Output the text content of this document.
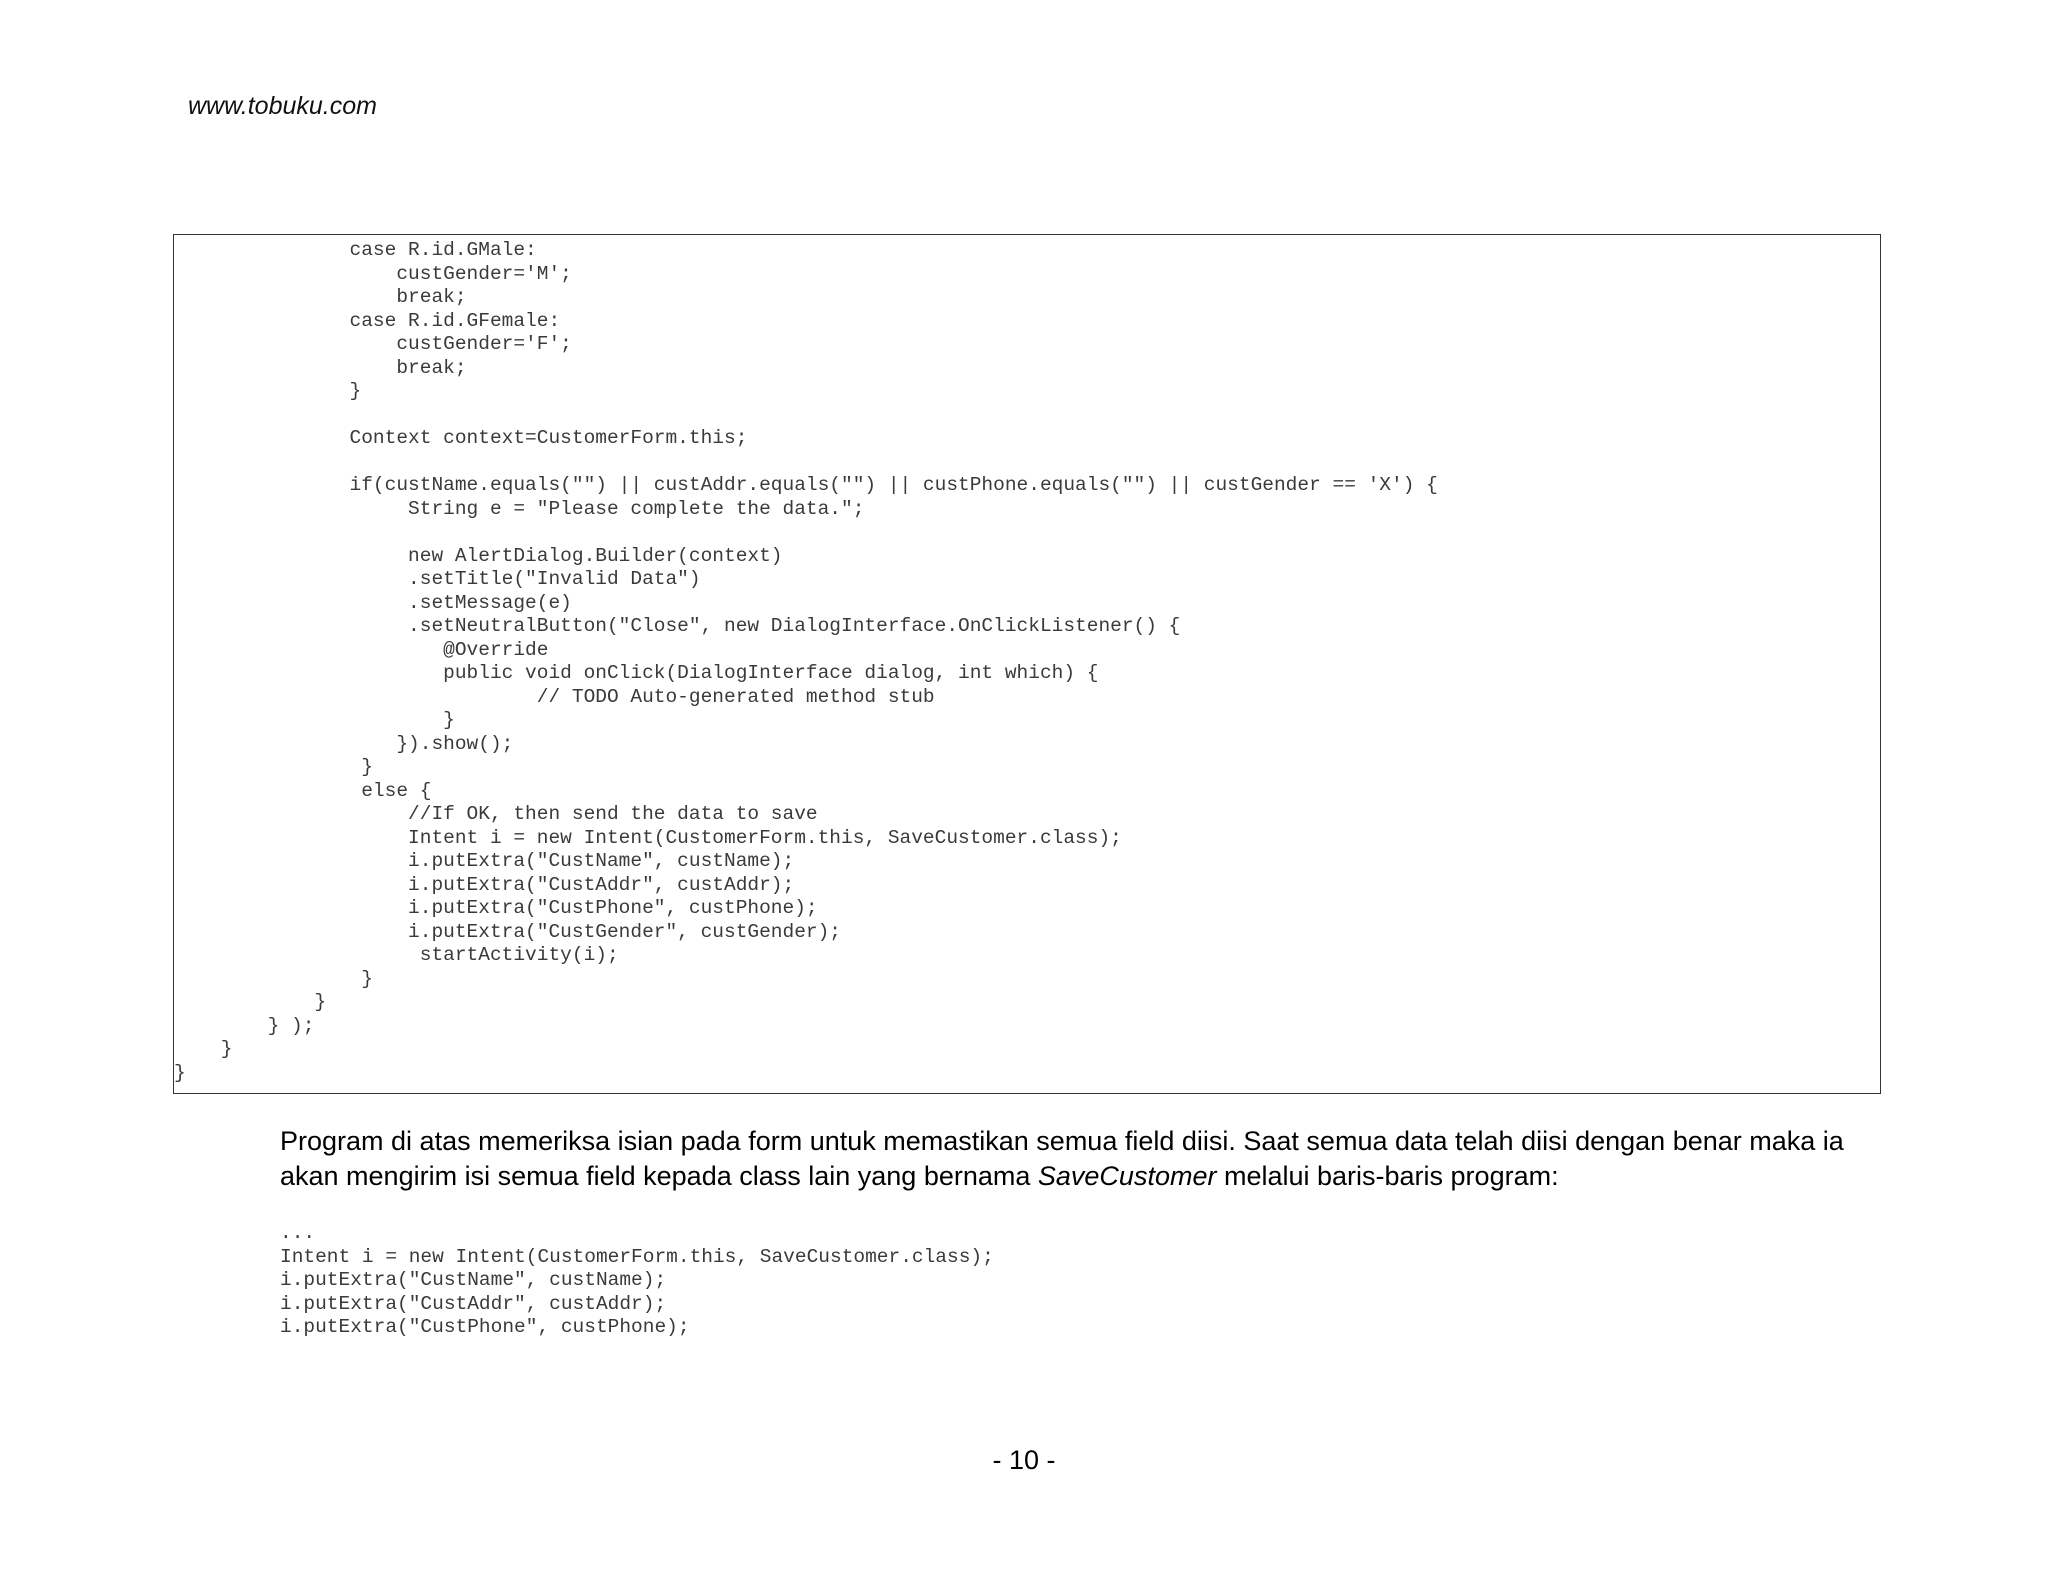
www.tobuku.com
case R.id.GMale:
custGender='M';
break;
case R.id.GFemale:
custGender='F';
break;
}
Context context=CustomerForm.this;
if(custName.equals("") || custAddr.equals("") || custPhone.equals("") || custGender == 'X') {
String e = "Please complete the data.";
new AlertDialog.Builder(context)
.setTitle("Invalid Data")
.setMessage(e)
.setNeutralButton("Close", new DialogInterface.OnClickListener() {
@Override
public void onClick(DialogInterface dialog, int which) {
// TODO Auto-generated method stub
}
}).show();
}
else {
//If OK, then send the data to save
Intent i = new Intent(CustomerForm.this, SaveCustomer.class);
i.putExtra("CustName", custName);
i.putExtra("CustAddr", custAddr);
i.putExtra("CustPhone", custPhone);
i.putExtra("CustGender", custGender);
startActivity(i);
}
}
} );
}
}

Program di atas memeriksa isian pada form untuk memastikan semua field diisi. Saat semua data telah diisi dengan benar maka ia akan mengirim isi semua field kepada class lain yang bernama SaveCustomer melalui baris-baris program:

...
Intent i = new Intent(CustomerForm.this, SaveCustomer.class);
i.putExtra("CustName", custName);
i.putExtra("CustAddr", custAddr);
i.putExtra("CustPhone", custPhone);
- 10 -
